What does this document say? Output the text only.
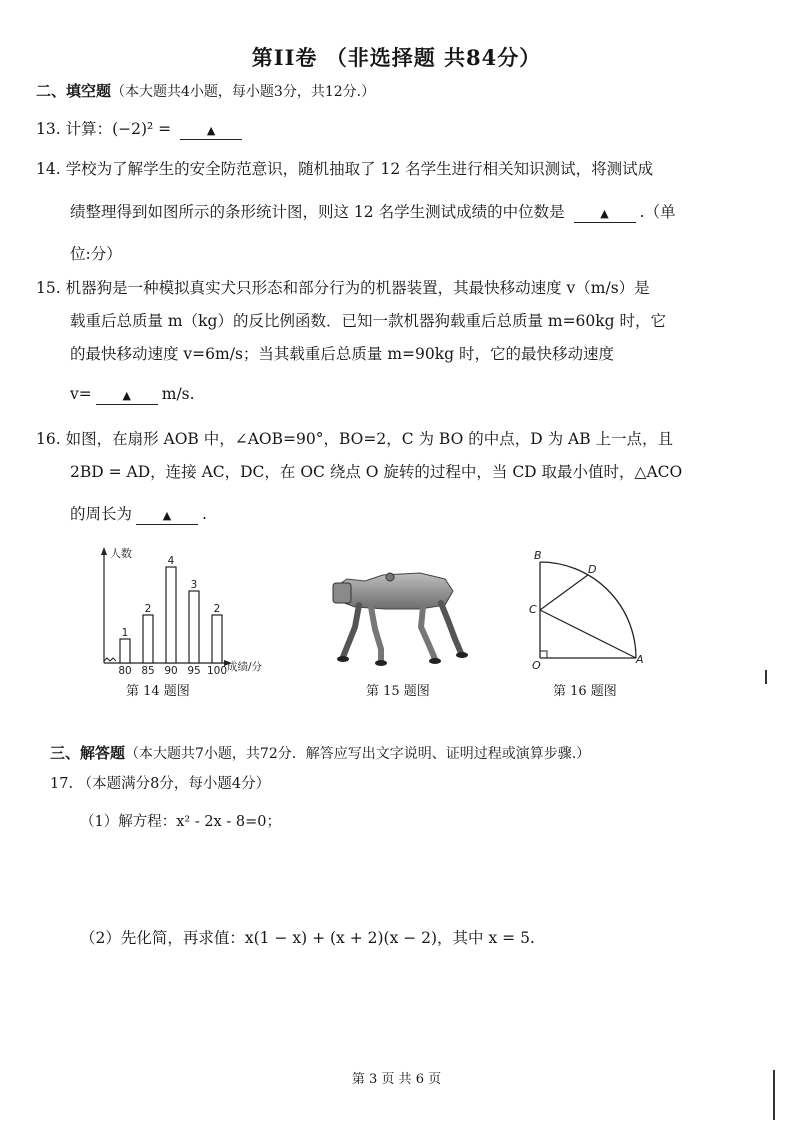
第II卷 （非选择题 共84分）
二、填空题（本大题共4小题，每小题3分，共12分.）
13. 计算：(−2)² =	▲
14. 学校为了解学生的安全防范意识，随机抽取了 12 名学生进行相关知识测试，将测试成
绩整理得到如图所示的条形统计图，则这 12 名学生测试成绩的中位数是	▲ .（单
位:分）
15. 机器狗是一种模拟真实犬只形态和部分行为的机器装置，其最快移动速度 v（m/s）是
载重后总质量 m（kg）的反比例函数．已知一款机器狗载重后总质量 m=60kg 时，它
的最快移动速度 v=6m/s；当其载重后总质量 m=90kg 时，它的最快移动速度
v=	▲ m/s.
16. 如图，在扇形 AOB 中，∠AOB=90°，BO=2，C 为 BO 的中点，D 为 AB 上一点，且
2BD = AD，连接 AC，DC，在 OC 绕点 O 旋转的过程中，当 CD 取最小值时，△ACO
的周长为	▲ .
人数
成绩/分
1
2
4
3
2
80 85 90 95 100
第 14 题图	第 15 题图
B
D
C
O	A
第 16 题图
三、解答题（本大题共7小题，共72分．解答应写出文字说明、证明过程或演算步骤.）
17. （本题满分8分，每小题4分）
（1）解方程：x² - 2x - 8=0；
（2）先化简，再求值：x(1 − x) + (x + 2)(x − 2)，其中 x = 5.
第 3 页 共 6 页
